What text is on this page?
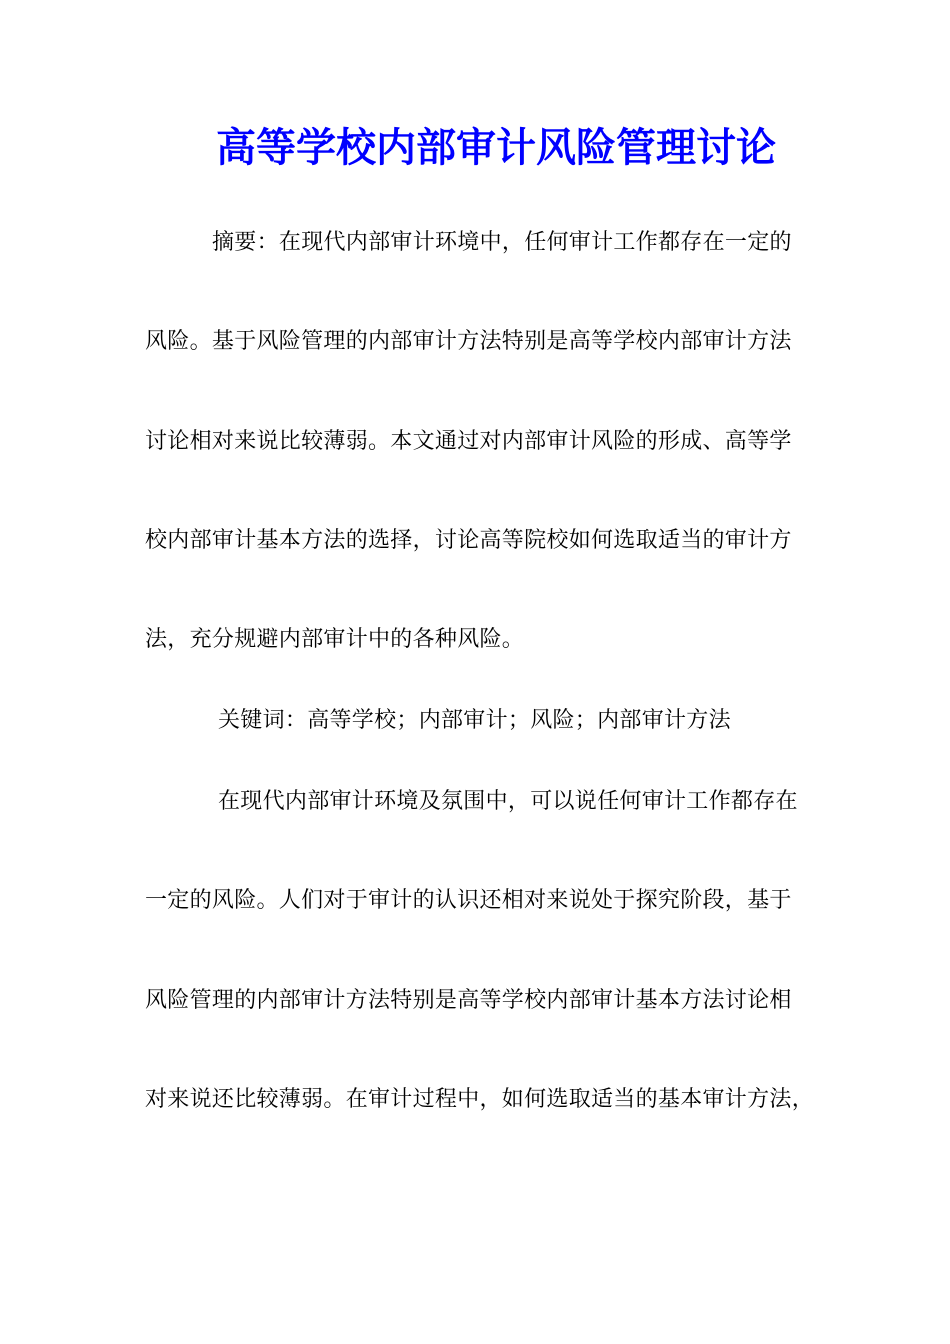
高等学校内部审计风险管理讨论
摘要：在现代内部审计环境中，任何审计工作都存在一定的
风险。基于风险管理的内部审计方法特别是高等学校内部审计方法
讨论相对来说比较薄弱。本文通过对内部审计风险的形成、高等学
校内部审计基本方法的选择，讨论高等院校如何选取适当的审计方
法，充分规避内部审计中的各种风险。
关键词：高等学校；内部审计；风险；内部审计方法
在现代内部审计环境及氛围中，可以说任何审计工作都存在
一定的风险。人们对于审计的认识还相对来说处于探究阶段，基于
风险管理的内部审计方法特别是高等学校内部审计基本方法讨论相
对来说还比较薄弱。在审计过程中，如何选取适当的基本审计方法，
